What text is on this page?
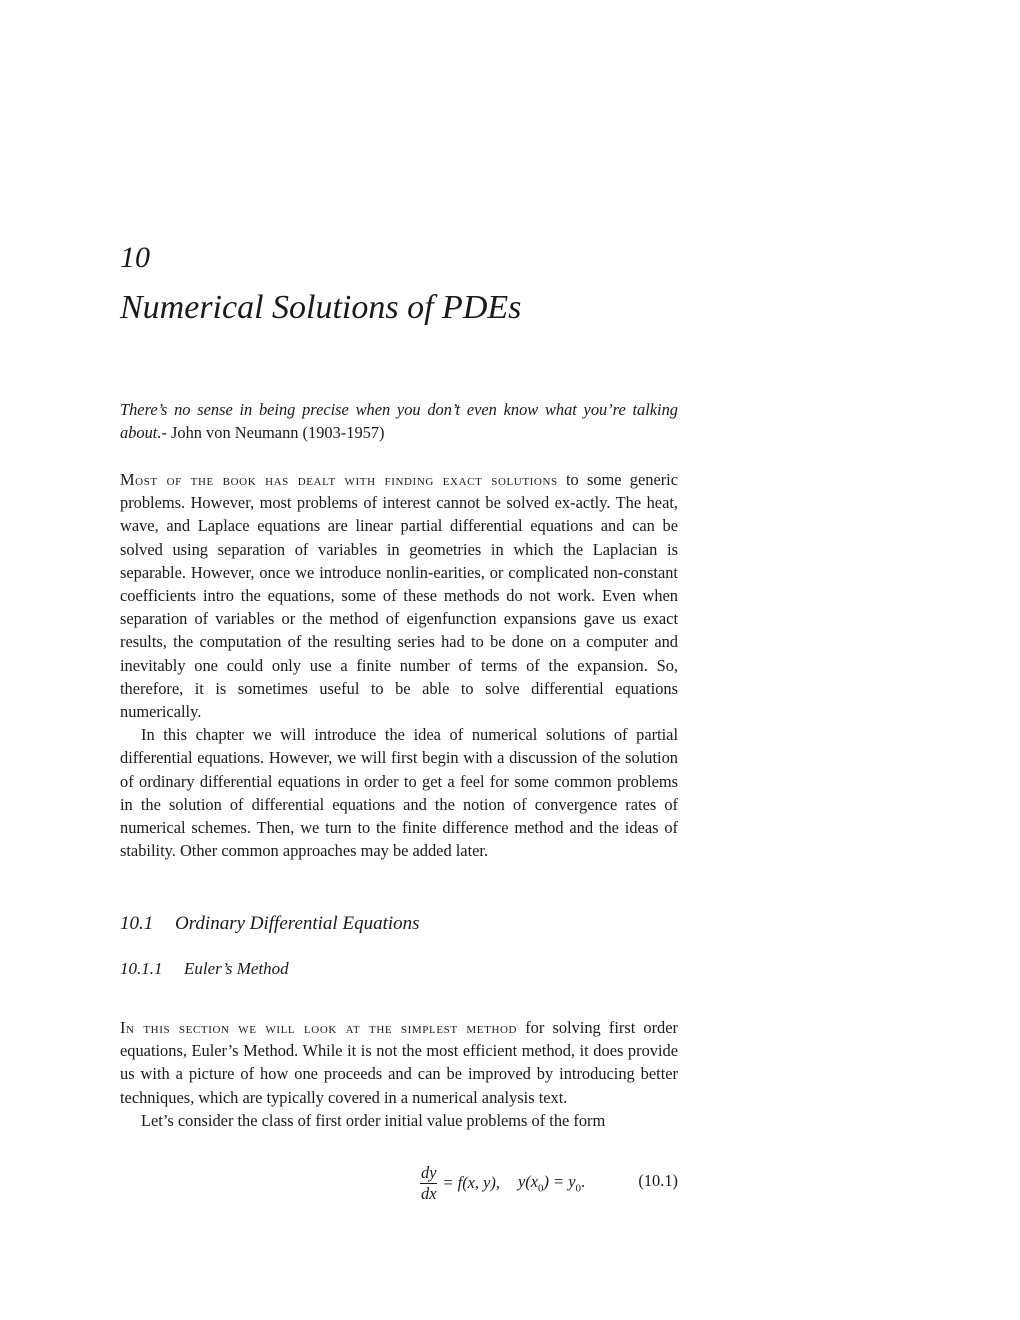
10
Numerical Solutions of PDEs
There’s no sense in being precise when you don’t even know what you’re talking about.- John von Neumann (1903-1957)

Most of the book has dealt with finding exact solutions to some generic problems. However, most problems of interest cannot be solved ex-actly. The heat, wave, and Laplace equations are linear partial differential equations and can be solved using separation of variables in geometries in which the Laplacian is separable. However, once we introduce nonlin-earities, or complicated non-constant coefficients intro the equations, some of these methods do not work. Even when separation of variables or the method of eigenfunction expansions gave us exact results, the computation of the resulting series had to be done on a computer and inevitably one could only use a finite number of terms of the expansion. So, therefore, it is sometimes useful to be able to solve differential equations numerically.

In this chapter we will introduce the idea of numerical solutions of partial differential equations. However, we will first begin with a discussion of the solution of ordinary differential equations in order to get a feel for some common problems in the solution of differential equations and the notion of convergence rates of numerical schemes. Then, we turn to the finite difference method and the ideas of stability. Other common approaches may be added later.

10.1 Ordinary Differential Equations
10.1.1 Euler’s Method

In this section we will look at the simplest method for solving first order equations, Euler’s Method. While it is not the most efficient method, it does provide us with a picture of how one proceeds and can be improved by introducing better techniques, which are typically covered in a numerical analysis text.

Let’s consider the class of first order initial value problems of the form

$\frac{dy}{dx} = f(x$, y), $y(x_0) = y_0$.	(10.1)
